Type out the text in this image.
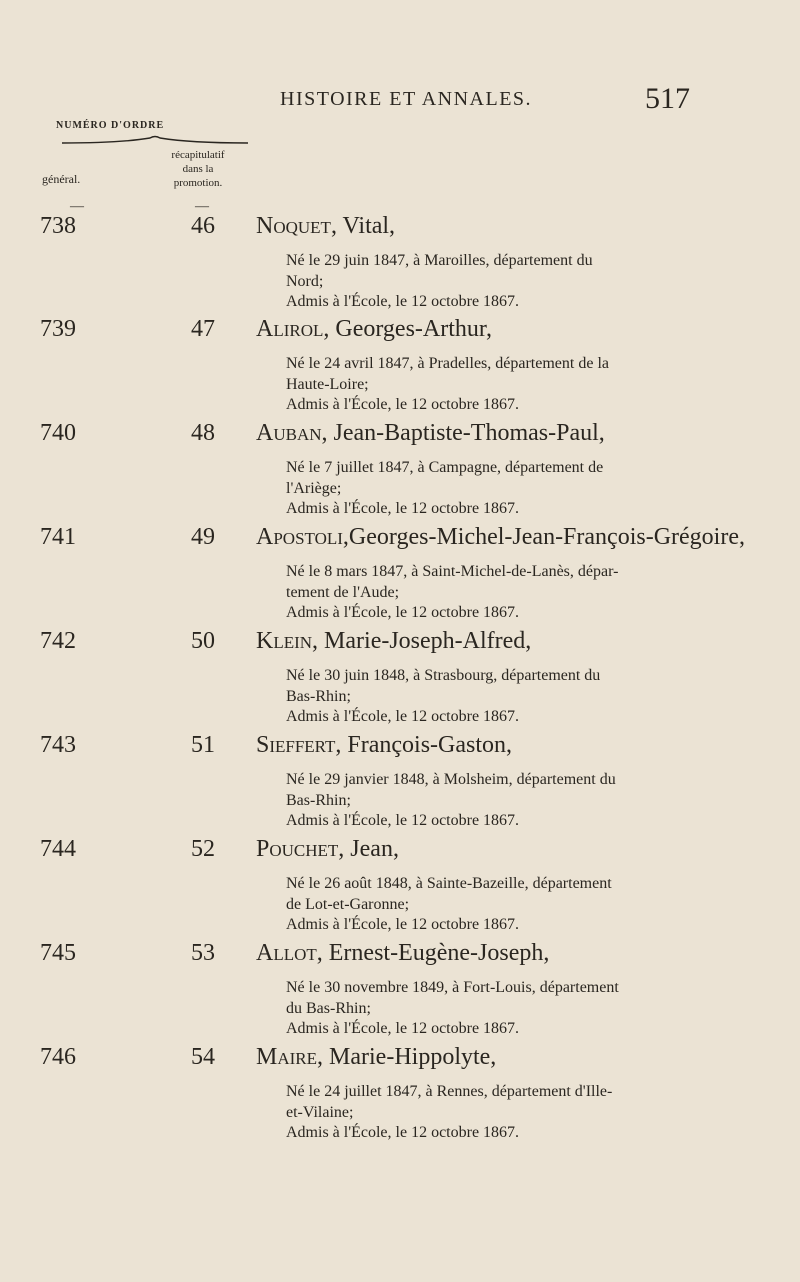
HISTOIRE ET ANNALES.	517
NUMÉRO D'ORDRE
général.
récapitulatif
dans la
promotion.
—	—
738	46 Noquet, Vital,
Né le 29 juin 1847, à Maroilles, département du
Nord;
Admis à l'École, le 12 octobre 1867.
739	47 Alirol, Georges-Arthur,
Né le 24 avril 1847, à Pradelles, département de la
Haute-Loire;
Admis à l'École, le 12 octobre 1867.
740	48 Auban, Jean-Baptiste-Thomas-Paul,
Né le 7 juillet 1847, à Campagne, département de
l'Ariège;
Admis à l'École, le 12 octobre 1867.
741	49 Apostoli,Georges-Michel-Jean-François-Grégoire,
Né le 8 mars 1847, à Saint-Michel-de-Lanès, dépar-
tement de l'Aude;
Admis à l'École, le 12 octobre 1867.
742	50 Klein, Marie-Joseph-Alfred,
Né le 30 juin 1848, à Strasbourg, département du
Bas-Rhin;
Admis à l'École, le 12 octobre 1867.
743	51 Sieffert, François-Gaston,
Né le 29 janvier 1848, à Molsheim, département du
Bas-Rhin;
Admis à l'École, le 12 octobre 1867.
744	52 Pouchet, Jean,
Né le 26 août 1848, à Sainte-Bazeille, département
de Lot-et-Garonne;
Admis à l'École, le 12 octobre 1867.
745	53 Allot, Ernest-Eugène-Joseph,
Né le 30 novembre 1849, à Fort-Louis, département
du Bas-Rhin;
Admis à l'École, le 12 octobre 1867.
746	54 Maire, Marie-Hippolyte,
Né le 24 juillet 1847, à Rennes, département d'Ille-
et-Vilaine;
Admis à l'École, le 12 octobre 1867.
